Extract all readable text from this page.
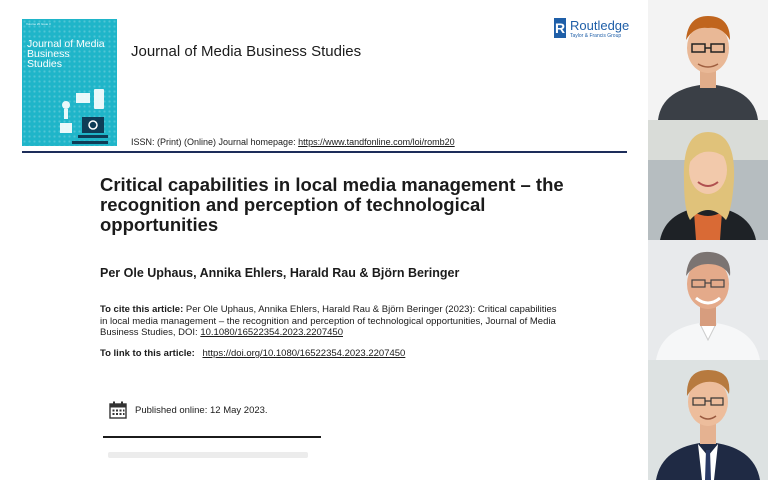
Volume 20 Issue 3
Journal of Media Business Studies
Journal of Media Business Studies
R Routledge
Taylor & Francis Group
ISSN: (Print) (Online) Journal homepage: https://www.tandfonline.com/loi/romb20
Critical capabilities in local media management – the recognition and perception of technological opportunities
Per Ole Uphaus, Annika Ehlers, Harald Rau & Björn Beringer
To cite this article: Per Ole Uphaus, Annika Ehlers, Harald Rau & Björn Beringer (2023): Critical capabilities in local media management – the recognition and perception of technological opportunities, Journal of Media Business Studies, DOI: 10.1080/16522354.2023.2207450
To link to this article: https://doi.org/10.1080/16522354.2023.2207450
Published online: 12 May 2023.
